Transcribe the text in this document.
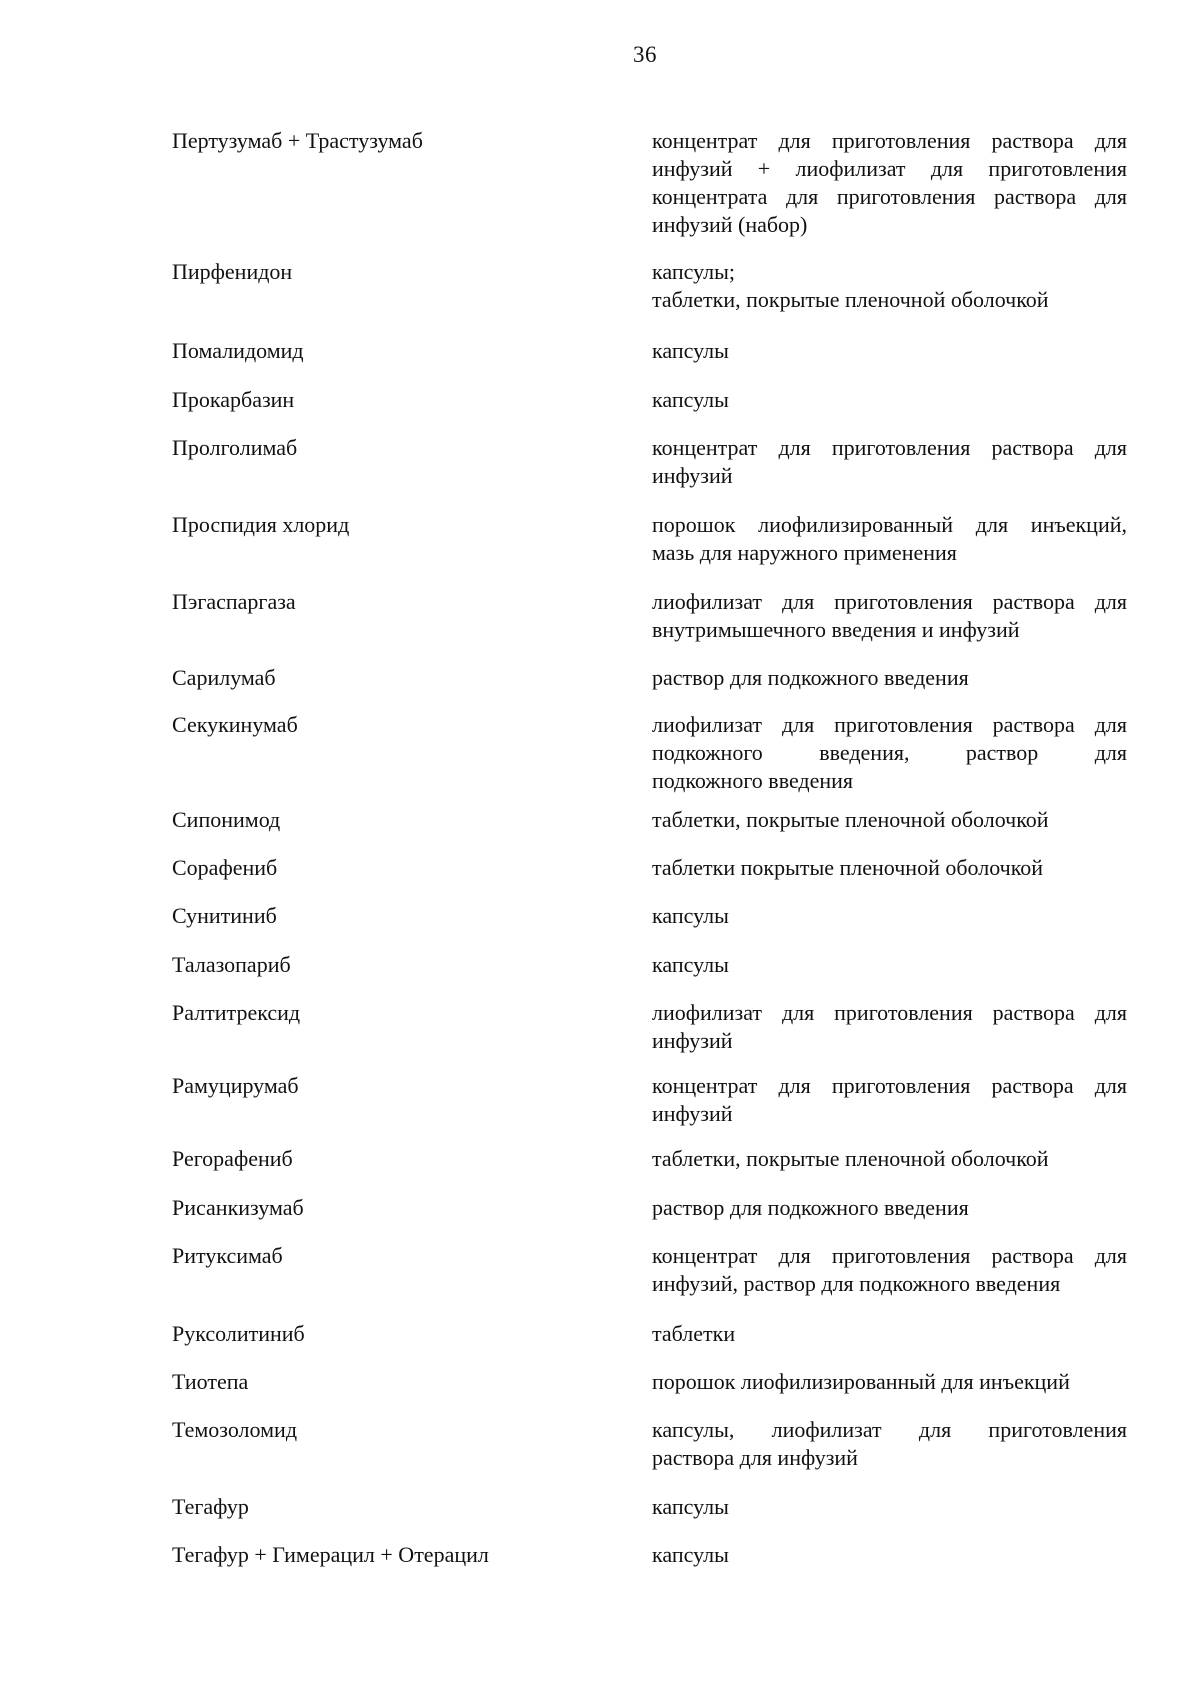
36
Пертузумаб + Трастузумаб	концентрат для приготовления раствора для
инфузий + лиофилизат для приготовления
концентрата для приготовления раствора для
инфузий (набор)
Пирфенидон	капсулы;
таблетки, покрытые пленочной оболочкой
Помалидомид	капсулы
Прокарбазин	капсулы
Пролголимаб	концентрат для приготовления раствора для
инфузий
Проспидия хлорид	порошок лиофилизированный для инъекций,
мазь для наружного применения
Пэгаспаргаза	лиофилизат для приготовления раствора для
внутримышечного введения и инфузий
Сарилумаб	раствор для подкожного введения
Секукинумаб	лиофилизат для приготовления раствора для
подкожного введения, раствор для
подкожного введения
Сипонимод	таблетки, покрытые пленочной оболочкой
Сорафениб	таблетки покрытые пленочной оболочкой
Сунитиниб	капсулы
Талазопариб	капсулы
Ралтитрексид	лиофилизат для приготовления раствора для
инфузий
Рамуцирумаб	концентрат для приготовления раствора для
инфузий
Регорафениб	таблетки, покрытые пленочной оболочкой
Рисанкизумаб	раствор для подкожного введения
Ритуксимаб	концентрат для приготовления раствора для
инфузий, раствор для подкожного введения
Руксолитиниб	таблетки
Тиотепа	порошок лиофилизированный для инъекций
Темозоломид	капсулы, лиофилизат для приготовления
раствора для инфузий
Тегафур	капсулы
Тегафур + Гимерацил + Отерацил	капсулы
